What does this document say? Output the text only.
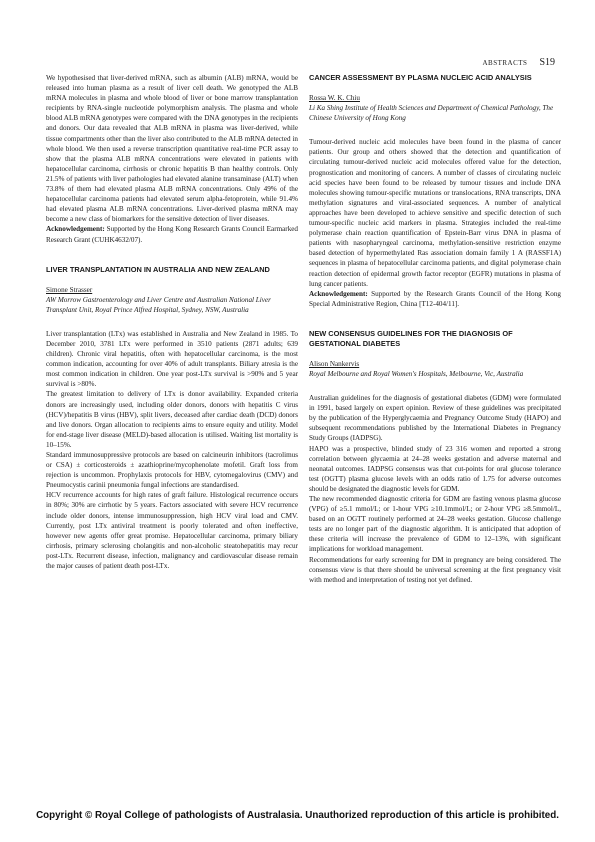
ABSTRACTS S19

We hypothesised that liver-derived mRNA, such as albumin (ALB) mRNA, would be released into human plasma as a result of liver cell death. We genotyped the ALB mRNA molecules in plasma and whole blood of liver or bone marrow transplantation recipients by RNA-single nucleotide polymorphism analysis. The plasma and whole blood ALB mRNA genotypes were compared with the DNA genotypes in the recipients and donors. Our data revealed that ALB mRNA in plasma was liver-derived, while tissue compartments other than the liver also contributed to the ALB mRNA detected in whole blood. We then used a reverse transcription quantitative real-time PCR assay to show that the plasma ALB mRNA concentrations were elevated in patients with hepatocellular carcinoma, cirrhosis or chronic hepatitis B than healthy controls. Only 21.5% of patients with liver pathologies had elevated alanine transaminase (ALT) when 73.8% of them had elevated plasma ALB mRNA concentrations. Only 49% of the hepatocellular carcinoma patients had elevated serum alpha-fetoprotein, while 91.4% had elevated plasma ALB mRNA concentrations. Liver-derived plasma mRNA may become a new class of biomarkers for the sensitive detection of liver diseases.

Acknowledgement: Supported by the Hong Kong Research Grants Council Earmarked Research Grant (CUHK4632/07).

LIVER TRANSPLANTATION IN AUSTRALIA AND NEW ZEALAND

Simone Strasser

AW Morrow Gastroenterology and Liver Centre and Australian National Liver Transplant Unit, Royal Prince Alfred Hospital, Sydney, NSW, Australia

Liver transplantation (LTx) was established in Australia and New Zealand in 1985. To December 2010, 3781 LTx were performed in 3510 patients (2871 adults; 639 children). Chronic viral hepatitis, often with hepatocellular carcinoma, is the most common indication, accounting for over 40% of adult transplants. Biliary atresia is the most common indication in children. One year post-LTx survival is >90% and 5 year survival is >80%.

The greatest limitation to delivery of LTx is donor availability. Expanded criteria donors are increasingly used, including older donors, donors with hepatitis C virus (HCV)/hepatitis B virus (HBV), split livers, deceased after cardiac death (DCD) donors and live donors. Organ allocation to recipients aims to ensure equity and utility. Model for end-stage liver disease (MELD)-based allocation is utilised. Waiting list mortality is 10–15%.

Standard immunosuppressive protocols are based on calcineurin inhibitors (tacrolimus or CSA) ± corticosteroids ± azathioprine/mycophenolate mofetil. Graft loss from rejection is uncommon. Prophylaxis protocols for HBV, cytomegalovirus (CMV) and Pneumocystis carinii pneumonia fungal infections are standardised.

HCV recurrence accounts for high rates of graft failure. Histological recurrence occurs in 80%; 30% are cirrhotic by 5 years. Factors associated with severe HCV recurrence include older donors, intense immunosuppression, high HCV viral load and CMV. Currently, post LTx antiviral treatment is poorly tolerated and often ineffective, however new agents offer great promise. Hepatocellular carcinoma, primary biliary cirrhosis, primary sclerosing cholangitis and non-alcoholic steatohepatitis may recur post-LTx. Recurrent disease, infection, malignancy and cardiovascular disease remain the major causes of patient death post-LTx.

CANCER ASSESSMENT BY PLASMA NUCLEIC ACID ANALYSIS

Rossa W. K. Chiu

Li Ka Shing Institute of Health Sciences and Department of Chemical Pathology, The Chinese University of Hong Kong

Tumour-derived nucleic acid molecules have been found in the plasma of cancer patients. Our group and others showed that the detection and quantification of circulating tumour-derived nucleic acid molecules offered value for the detection, prognostication and monitoring of cancers. A number of classes of circulating nucleic acid species have been found to be released by tumour tissues and include DNA molecules showing tumour-specific mutations or translocations, RNA transcripts, DNA methylation signatures and viral-associated sequences. A number of analytical approaches have been developed to achieve sensitive and specific detection of such tumour-specific nucleic acid markers in plasma. Strategies included the real-time polymerase chain reaction quantification of Epstein-Barr virus DNA in plasma of patients with nasopharyngeal carcinoma, methylation-sensitive restriction enzyme based detection of hypermethylated Ras association domain family 1 A (RASSF1A) sequences in plasma of hepatocellular carcinoma patients, and digital polymerase chain reaction detection of epidermal growth factor receptor (EGFR) mutations in plasma of lung cancer patients.

Acknowledgement: Supported by the Research Grants Council of the Hong Kong Special Administrative Region, China [T12-404/11].

NEW CONSENSUS GUIDELINES FOR THE DIAGNOSIS OF GESTATIONAL DIABETES

Alison Nankervis

Royal Melbourne and Royal Women's Hospitals, Melbourne, Vic, Australia

Australian guidelines for the diagnosis of gestational diabetes (GDM) were formulated in 1991, based largely on expert opinion. Review of these guidelines was precipitated by the publication of the Hyperglycaemia and Pregnancy Outcome Study (HAPO) and subsequent recommendations published by the International Diabetes in Pregnancy Study Groups (IADPSG).

HAPO was a prospective, blinded study of 23 316 women and reported a strong correlation between glycaemia at 24–28 weeks gestation and adverse maternal and neonatal outcomes. IADPSG consensus was that cut-points for oral glucose tolerance test (OGTT) plasma glucose levels with an odds ratio of 1.75 for adverse outcomes should be designated the diagnostic levels for GDM.

The new recommended diagnostic criteria for GDM are fasting venous plasma glucose (VPG) of ≥5.1 mmol/L; or 1-hour VPG ≥10.1mmol/L; or 2-hour VPG ≥8.5mmol/L, based on an OGTT routinely performed at 24–28 weeks gestation. Glucose challenge tests are no longer part of the diagnostic algorithm. It is anticipated that adoption of these criteria will increase the prevalence of GDM to 12–13%, with significant implications for workload management.

Recommendations for early screening for DM in pregnancy are being considered. The consensus view is that there should be universal screening at the first pregnancy visit with method and interpretation of testing not yet defined.

Copyright © Royal College of pathologists of Australasia. Unauthorized reproduction of this article is prohibited.
